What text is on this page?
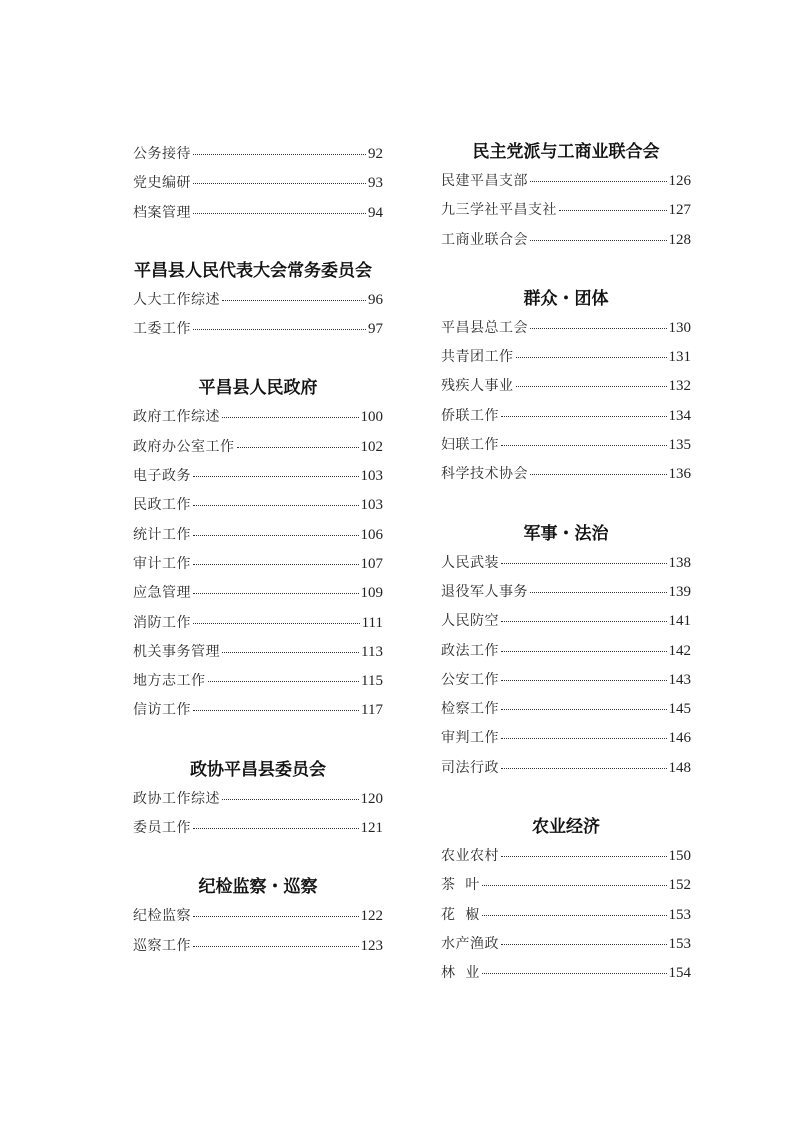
公务接待	92
党史编研	93
档案管理	94
平昌县人民代表大会常务委员会
人大工作综述	96
工委工作	97
平昌县人民政府
政府工作综述	100
政府办公室工作	102
电子政务	103
民政工作	103
统计工作	106
审计工作	107
应急管理	109
消防工作	111
机关事务管理	113
地方志工作	115
信访工作	117
政协平昌县委员会
政协工作综述	120
委员工作	121
纪检监察・巡察
纪检监察	122
巡察工作	123
民主党派与工商业联合会
民建平昌支部	126
九三学社平昌支社	127
工商业联合会	128
群众・团体
平昌县总工会	130
共青团工作	131
残疾人事业	132
侨联工作	134
妇联工作	135
科学技术协会	136
军事・法治
人民武装	138
退役军人事务	139
人民防空	141
政法工作	142
公安工作	143
检察工作	145
审判工作	146
司法行政	148
农业经济
农业农村	150
茶  叶	152
花  椒	153
水产渔政	153
林  业	154
